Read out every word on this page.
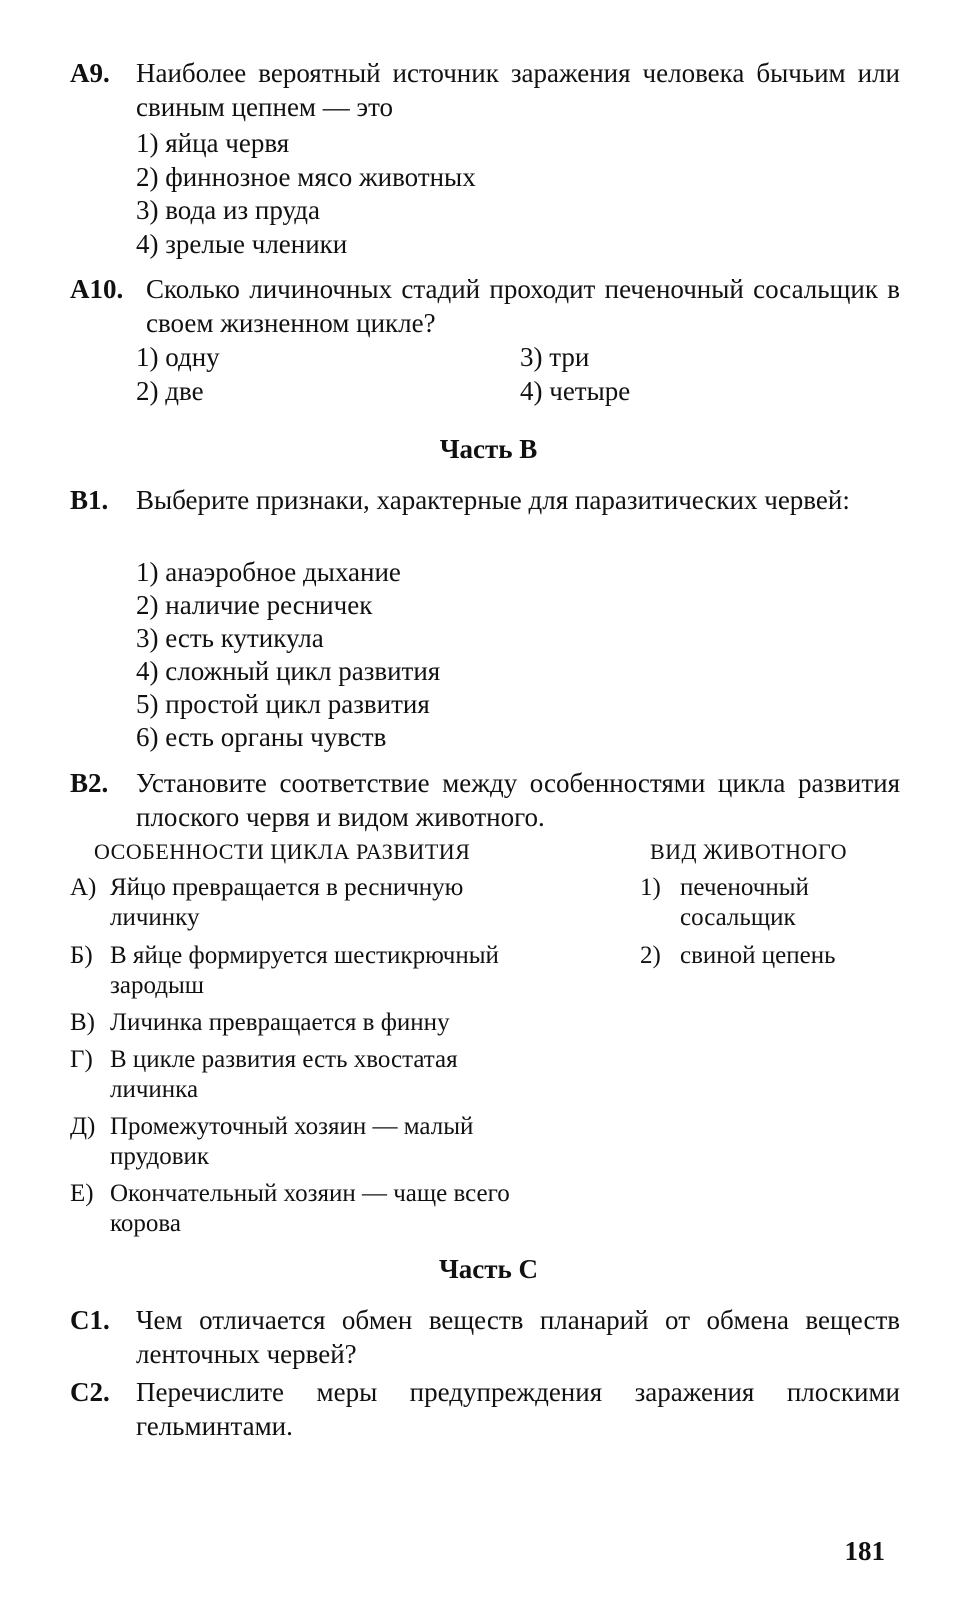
А9. Наиболее вероятный источник заражения человека бычьим или свиным цепнем — это
1) яйца червя
2) финнозное мясо животных
3) вода из пруда
4) зрелые членики
А10. Сколько личиночных стадий проходит печеночный сосальщик в своем жизненном цикле?
1) одну
2) две
3) три
4) четыре
Часть В
В1. Выберите признаки, характерные для паразитических червей:
1) анаэробное дыхание
2) наличие ресничек
3) есть кутикула
4) сложный цикл развития
5) простой цикл развития
6) есть органы чувств
В2. Установите соответствие между особенностями цикла развития плоского червя и видом животного.
ОСОБЕННОСТИ ЦИКЛА РАЗВИТИЯ	ВИД ЖИВОТНОГО
А) Яйцо превращается в ресничную личинку
Б) В яйце формируется шестикрючный зародыш
В) Личинка превращается в финну
Г) В цикле развития есть хвостатая личинка
Д) Промежуточный хозяин — малый прудовик
Е) Окончательный хозяин — чаще всего корова
1) печеночный сосальщик
2) свиной цепень
Часть С
С1. Чем отличается обмен веществ планарий от обмена веществ ленточных червей?
С2. Перечислите меры предупреждения заражения плоскими гельминтами.
181
